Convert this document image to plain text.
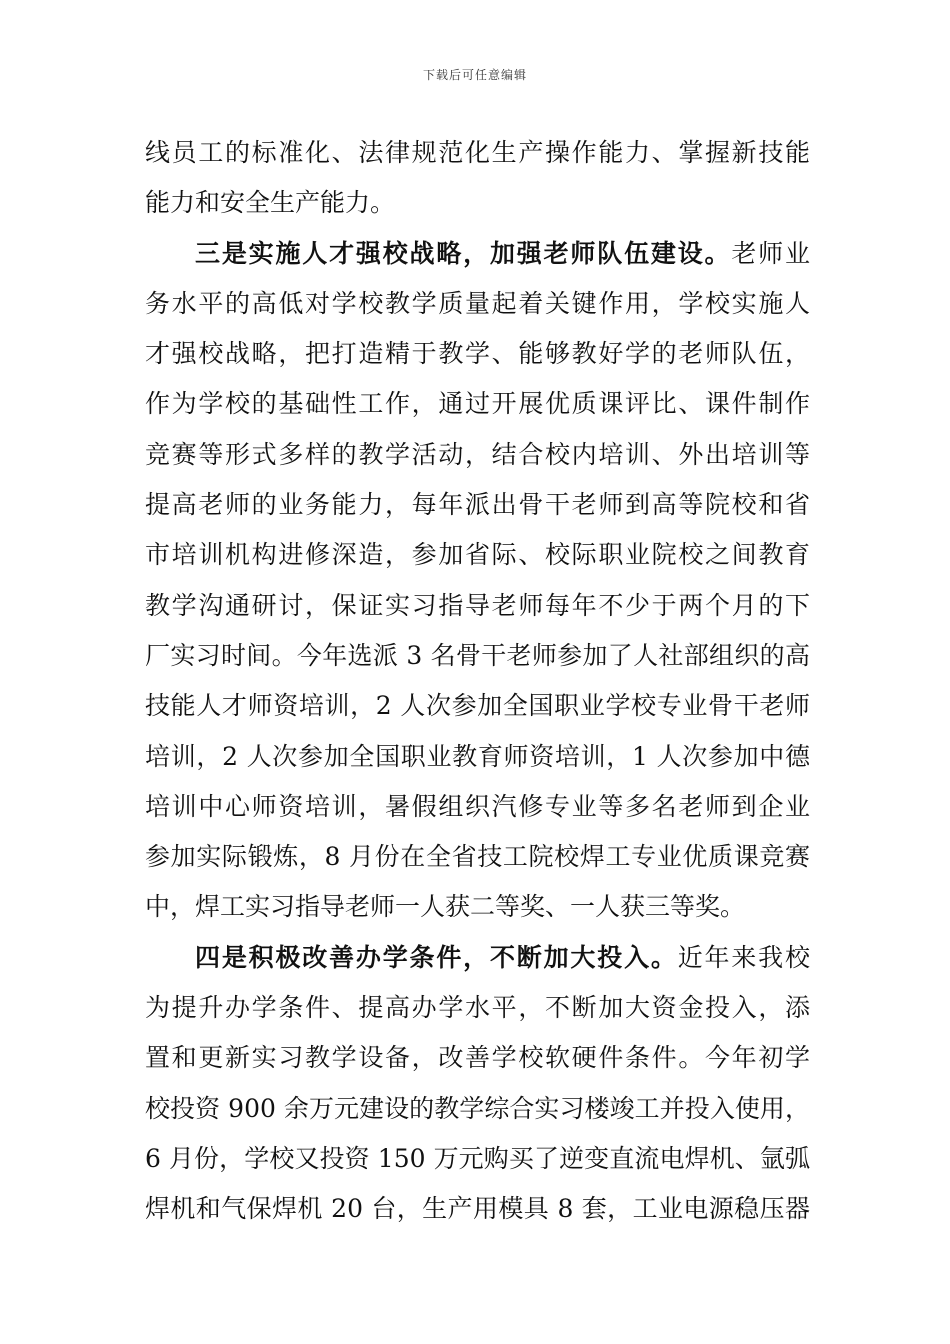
下载后可任意编辑
线员工的标准化、法律规范化生产操作能力、掌握新技能
能力和安全生产能力。
三是实施人才强校战略，加强老师队伍建设。老师业
务水平的高低对学校教学质量起着关键作用，学校实施人
才强校战略，把打造精于教学、能够教好学的老师队伍，
作为学校的基础性工作，通过开展优质课评比、课件制作
竞赛等形式多样的教学活动，结合校内培训、外出培训等
提高老师的业务能力，每年派出骨干老师到高等院校和省
市培训机构进修深造，参加省际、校际职业院校之间教育
教学沟通研讨，保证实习指导老师每年不少于两个月的下
厂实习时间。今年选派 3 名骨干老师参加了人社部组织的高
技能人才师资培训，2 人次参加全国职业学校专业骨干老师
培训，2 人次参加全国职业教育师资培训，1 人次参加中德
培训中心师资培训，暑假组织汽修专业等多名老师到企业
参加实际锻炼，8 月份在全省技工院校焊工专业优质课竞赛
中，焊工实习指导老师一人获二等奖、一人获三等奖。
四是积极改善办学条件，不断加大投入。近年来我校
为提升办学条件、提高办学水平，不断加大资金投入，添
置和更新实习教学设备，改善学校软硬件条件。今年初学
校投资 900 余万元建设的教学综合实习楼竣工并投入使用，
6 月份，学校又投资 150 万元购买了逆变直流电焊机、氩弧
焊机和气保焊机 20 台，生产用模具 8 套，工业电源稳压器
